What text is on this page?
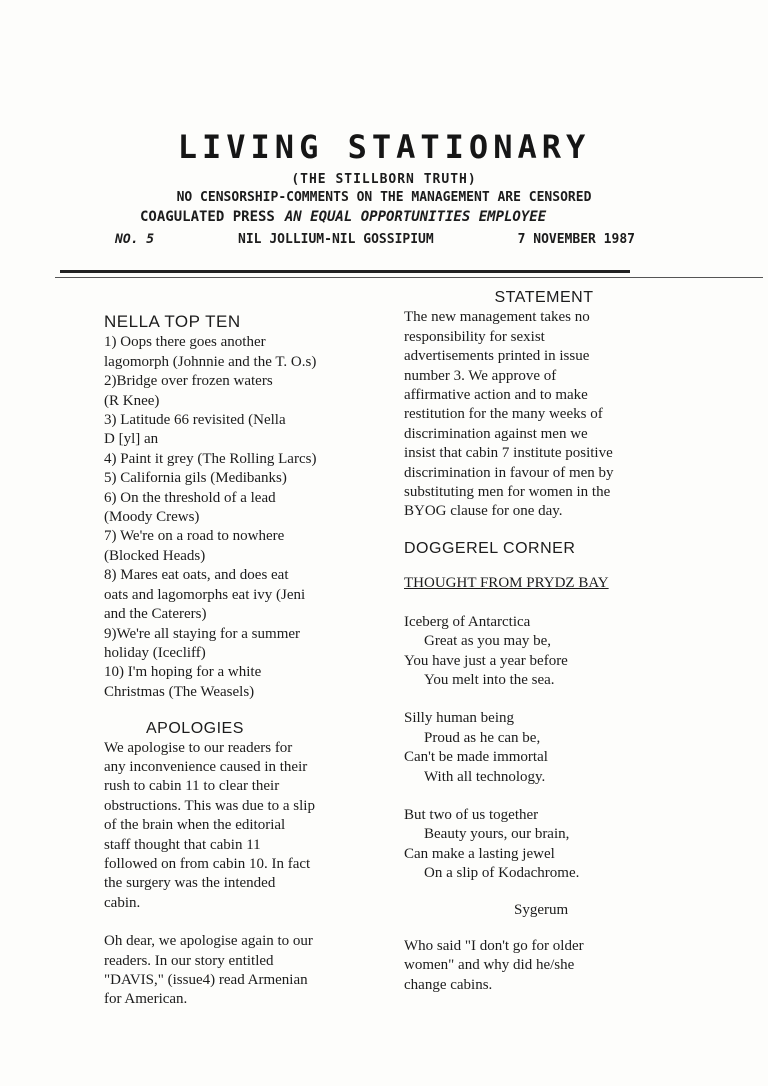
LIVING STATIONARY
(THE STILLBORN TRUTH)
NO CENSORSHIP-COMMENTS ON THE MANAGEMENT ARE CENSORED
COAGULATED PRESS AN EQUAL OPPORTUNITIES EMPLOYEE
NO. 5	NIL JOLLIUM-NIL GOSSIPIUM	7 NOVEMBER 1987

NELLA TOP TEN

1) Oops there goes another

lagomorph (Johnnie and the T. O.s)

2)Bridge over frozen waters

(R Knee)

3) Latitude 66 revisited (Nella

D [yl] an

4) Paint it grey (The Rolling Larcs)

5) California gils (Medibanks)

6) On the threshold of a lead

(Moody Crews)

7) We're on a road to nowhere

(Blocked Heads)

8) Mares eat oats, and does eat

oats and lagomorphs eat ivy (Jeni

and the Caterers)

9)We're all staying for a summer

holiday (Icecliff)

10) I'm hoping for a white

Christmas (The Weasels)

APOLOGIES

We apologise to our readers for

any inconvenience caused in their

rush to cabin 11 to clear their

obstructions. This was due to a slip

of the brain when the editorial

staff thought that cabin 11

followed on from cabin 10. In fact

the surgery was the intended

cabin.

Oh dear, we apologise again to our

readers. In our story entitled

"DAVIS," (issue4) read Armenian

for American.

STATEMENT

The new management takes no

responsibility for sexist

advertisements printed in issue

number 3. We approve of

affirmative action and to make

restitution for the many weeks of

discrimination against men we

insist that cabin 7 institute positive

discrimination in favour of men by

substituting men for women in the

BYOG clause for one day.

DOGGEREL CORNER

THOUGHT FROM PRYDZ BAY

Iceberg of Antarctica

Great as you may be,

You have just a year before

You melt into the sea.

Silly human being

Proud as he can be,

Can't be made immortal

With all technology.

But two of us together

Beauty yours, our brain,

Can make a lasting jewel

On a slip of Kodachrome.

Sygerum

Who said "I don't go for older

women" and why did he/she

change cabins.
